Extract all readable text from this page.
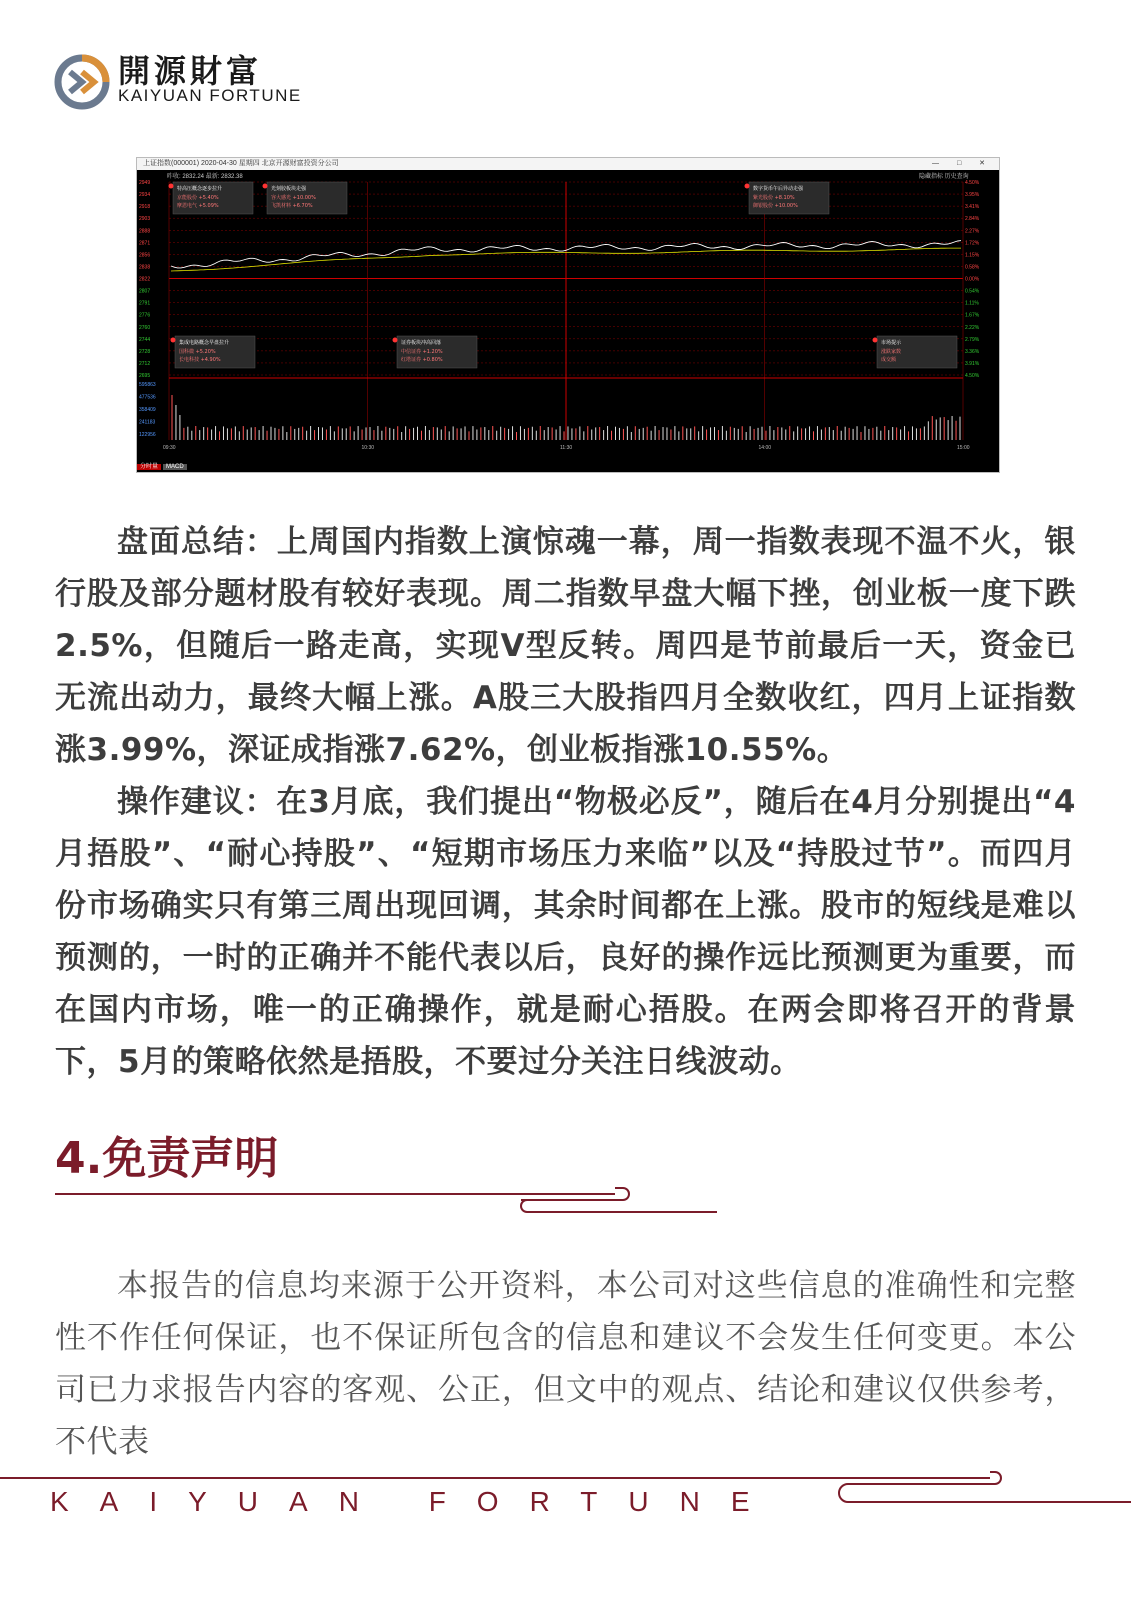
開源財富
KAIYUAN FORTUNE
上证指数(000001) 2020-04-30 星期四 北京开源财富投资分公司	— □ ✕
昨收: 2832.24 最新: 2832.38	隐藏指标 历史查询
2949	4.50%
2934	3.95%
2918	3.41%
2903	2.84%
2888	2.27%
2871	1.72%
2856	1.15%
2838	0.58%
2822	0.00%
2807	0.54%
2791	1.11%
2776	1.67%
2760	2.22%
2744	2.79%
2728	3.36%
2712	3.91%
2695	4.50%
09:30	10:30	11:30	14:00	15:00
595863
477536
358409
241183
122956
特高压概念逐步拉升
京能股份 +5.40%
摩恩电气 +5.09%
光刻胶板块走强
容大感光 +10.00%
飞凯材料 +6.70%
数字货币午后异动走强
紫光股份 +8.10%
御银股份 +10.00%
集成电路概念早盘拉升
国科微 +5.20%
长电科技 +4.90%
证券板块冲高回落
中信证券 +1.20%
红塔证券 +0.80%
市场提示
涨跌家数
成交额
分时量 MACD
盘面总结：上周国内指数上演惊魂一幕，周一指数表现不温不火，银行股及部分题材股有较好表现。周二指数早盘大幅下挫，创业板一度下跌2.5%，但随后一路走高，实现V型反转。周四是节前最后一天，资金已无流出动力，最终大幅上涨。A股三大股指四月全数收红，四月上证指数涨3.99%，深证成指涨7.62%，创业板指涨10.55%。
操作建议：在3月底，我们提出“物极必反”，随后在4月分别提出“4月捂股”、“耐心持股”、“短期市场压力来临”以及“持股过节”。而四月份市场确实只有第三周出现回调，其余时间都在上涨。股市的短线是难以预测的，一时的正确并不能代表以后，良好的操作远比预测更为重要，而在国内市场，唯一的正确操作，就是耐心捂股。在两会即将召开的背景下，5月的策略依然是捂股，不要过分关注日线波动。
4.免责声明
本报告的信息均来源于公开资料，本公司对这些信息的准确性和完整性不作任何保证，也不保证所包含的信息和建议不会发生任何变更。本公司已力求报告内容的客观、公正，但文中的观点、结论和建议仅供参考，不代表
KAIYUAN FORTUNE
